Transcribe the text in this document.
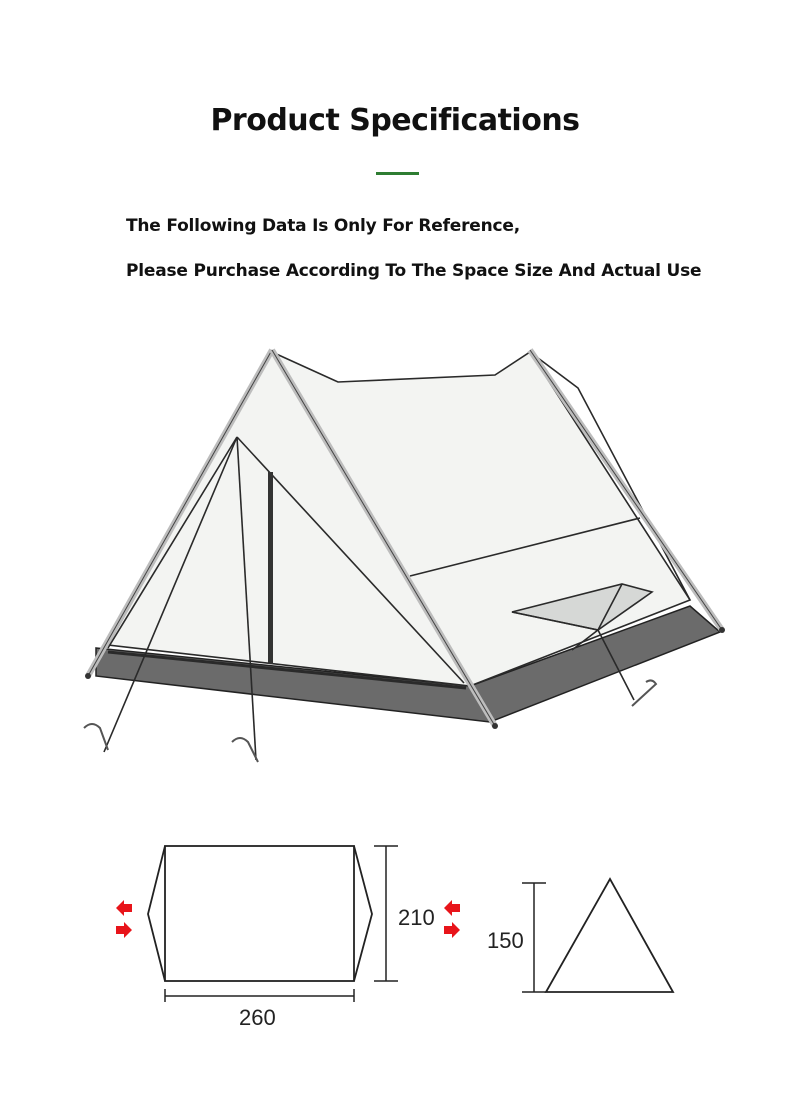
Product Specifications
The Following Data Is Only For Reference,
Please Purchase According To The Space Size And Actual Use
260
210
150
